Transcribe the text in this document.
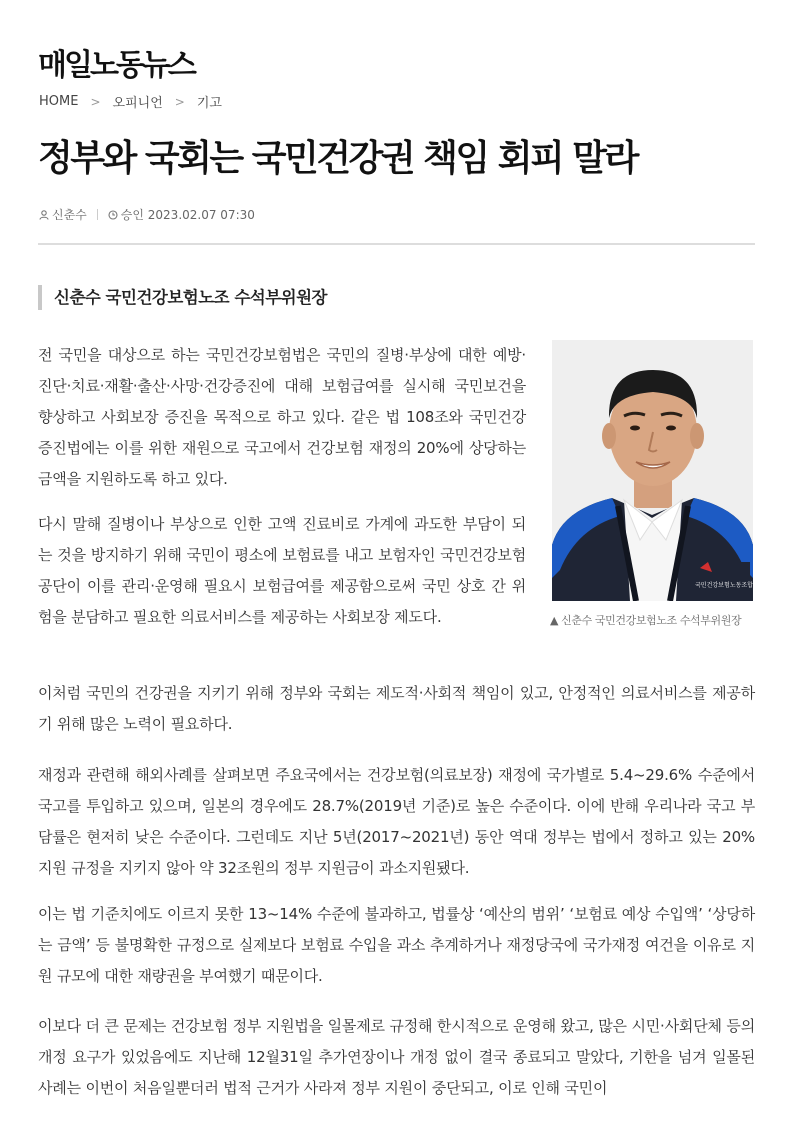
매일노동뉴스
HOME > 오피니언 > 기고
정부와 국회는 국민건강권 책임 회피 말라
신춘수	승인 2023.02.07 07:30
신춘수 국민건강보험노조 수석부위원장
국민건강보험노동조합
▲ 신춘수 국민건강보험노조 수석부위원장

전 국민을 대상으로 하는 국민건강보험법은 국민의 질병·부상에 대한 예방·진단·치료·재활·출산·사망·건강증진에 대해 보험급여를 실시해 국민보건을 향상하고 사회보장 증진을 목적으로 하고 있다. 같은 법 108조와 국민건강증진법에는 이를 위한 재원으로 국고에서 건강보험 재정의 20%에 상당하는 금액을 지원하도록 하고 있다.

다시 말해 질병이나 부상으로 인한 고액 진료비로 가계에 과도한 부담이 되는 것을 방지하기 위해 국민이 평소에 보험료를 내고 보험자인 국민건강보험공단이 이를 관리·운영해 필요시 보험급여를 제공함으로써 국민 상호 간 위험을 분담하고 필요한 의료서비스를 제공하는 사회보장 제도다.

이처럼 국민의 건강권을 지키기 위해 정부와 국회는 제도적·사회적 책임이 있고, 안정적인 의료서비스를 제공하기 위해 많은 노력이 필요하다.

재정과 관련해 해외사례를 살펴보면 주요국에서는 건강보험(의료보장) 재정에 국가별로 5.4~29.6% 수준에서 국고를 투입하고 있으며, 일본의 경우에도 28.7%(2019년 기준)로 높은 수준이다. 이에 반해 우리나라 국고 부담률은 현저히 낮은 수준이다. 그런데도 지난 5년(2017~2021년) 동안 역대 정부는 법에서 정하고 있는 20% 지원 규정을 지키지 않아 약 32조원의 정부 지원금이 과소지원됐다.

이는 법 기준치에도 이르지 못한 13~14% 수준에 불과하고, 법률상 ‘예산의 범위’ ‘보험료 예상 수입액’ ‘상당하는 금액’ 등 불명확한 규정으로 실제보다 보험료 수입을 과소 추계하거나 재정당국에 국가재정 여건을 이유로 지원 규모에 대한 재량권을 부여했기 때문이다.

이보다 더 큰 문제는 건강보험 정부 지원법을 일몰제로 규정해 한시적으로 운영해 왔고, 많은 시민·사회단체 등의 개정 요구가 있었음에도 지난해 12월31일 추가연장이나 개정 없이 결국 종료되고 말았다, 기한을 넘겨 일몰된 사례는 이번이 처음일뿐더러 법적 근거가 사라져 정부 지원이 중단되고, 이로 인해 국민이
